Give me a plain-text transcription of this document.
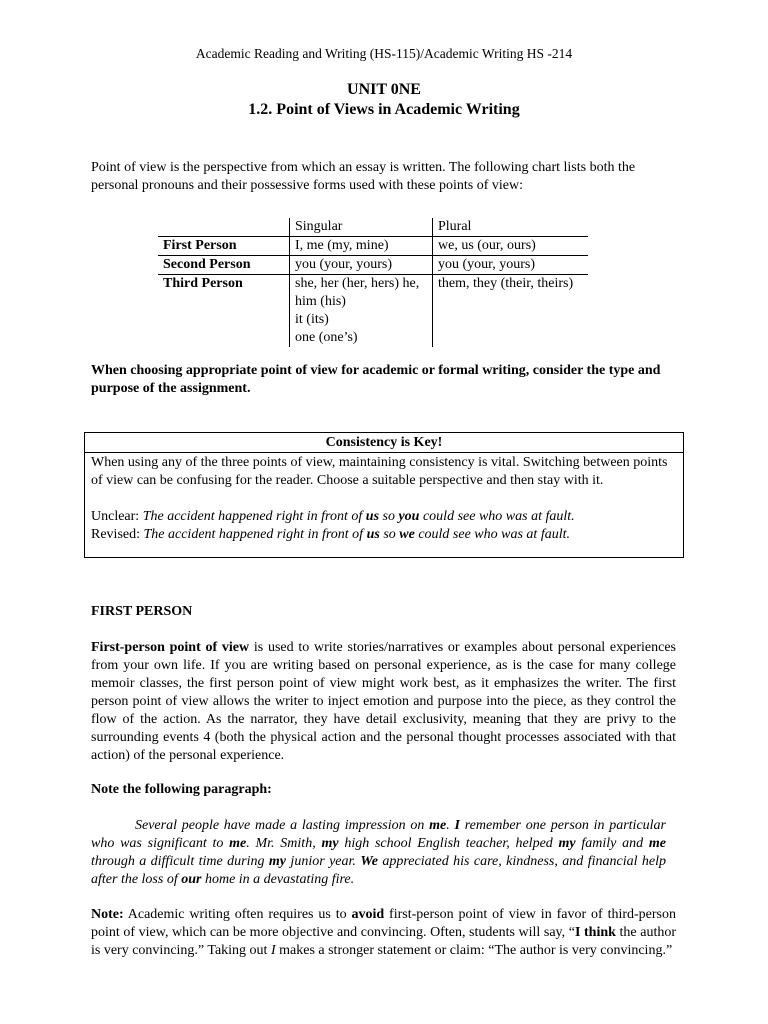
Academic Reading and Writing (HS-115)/Academic Writing HS -214
UNIT 0NE
1.2. Point of Views in Academic Writing

Point of view is the perspective from which an essay is written. The following chart lists both the personal pronouns and their possessive forms used with these points of view:

	Singular	Plural
First Person	I, me (my, mine)	we, us (our, ours)
Second Person	you (your, yours)	you (your, yours)
Third Person	she, her (her, hers) he,
him (his)
it (its)
one (one’s)	them, they (their, theirs)

When choosing appropriate point of view for academic or formal writing, consider the type and purpose of the assignment.

Consistency is Key!

When using any of the three points of view, maintaining consistency is vital. Switching between points of view can be confusing for the reader. Choose a suitable perspective and then stay with it.

Unclear: The accident happened right in front of us so you could see who was at fault.

Revised: The accident happened right in front of us so we could see who was at fault.

FIRST PERSON

First-person point of view is used to write stories/narratives or examples about personal experiences from your own life. If you are writing based on personal experience, as is the case for many college memoir classes, the first person point of view might work best, as it emphasizes the writer. The first person point of view allows the writer to inject emotion and purpose into the piece, as they control the flow of the action. As the narrator, they have detail exclusivity, meaning that they are privy to the surrounding events 4 (both the physical action and the personal thought processes associated with that action) of the personal experience.

Note the following paragraph:

Several people have made a lasting impression on me. I remember one person in particular who was significant to me. Mr. Smith, my high school English teacher, helped my family and me through a difficult time during my junior year. We appreciated his care, kindness, and financial help after the loss of our home in a devastating fire.

Note: Academic writing often requires us to avoid first-person point of view in favor of third-person point of view, which can be more objective and convincing. Often, students will say, “I think the author is very convincing.” Taking out I makes a stronger statement or claim: “The author is very convincing.”
